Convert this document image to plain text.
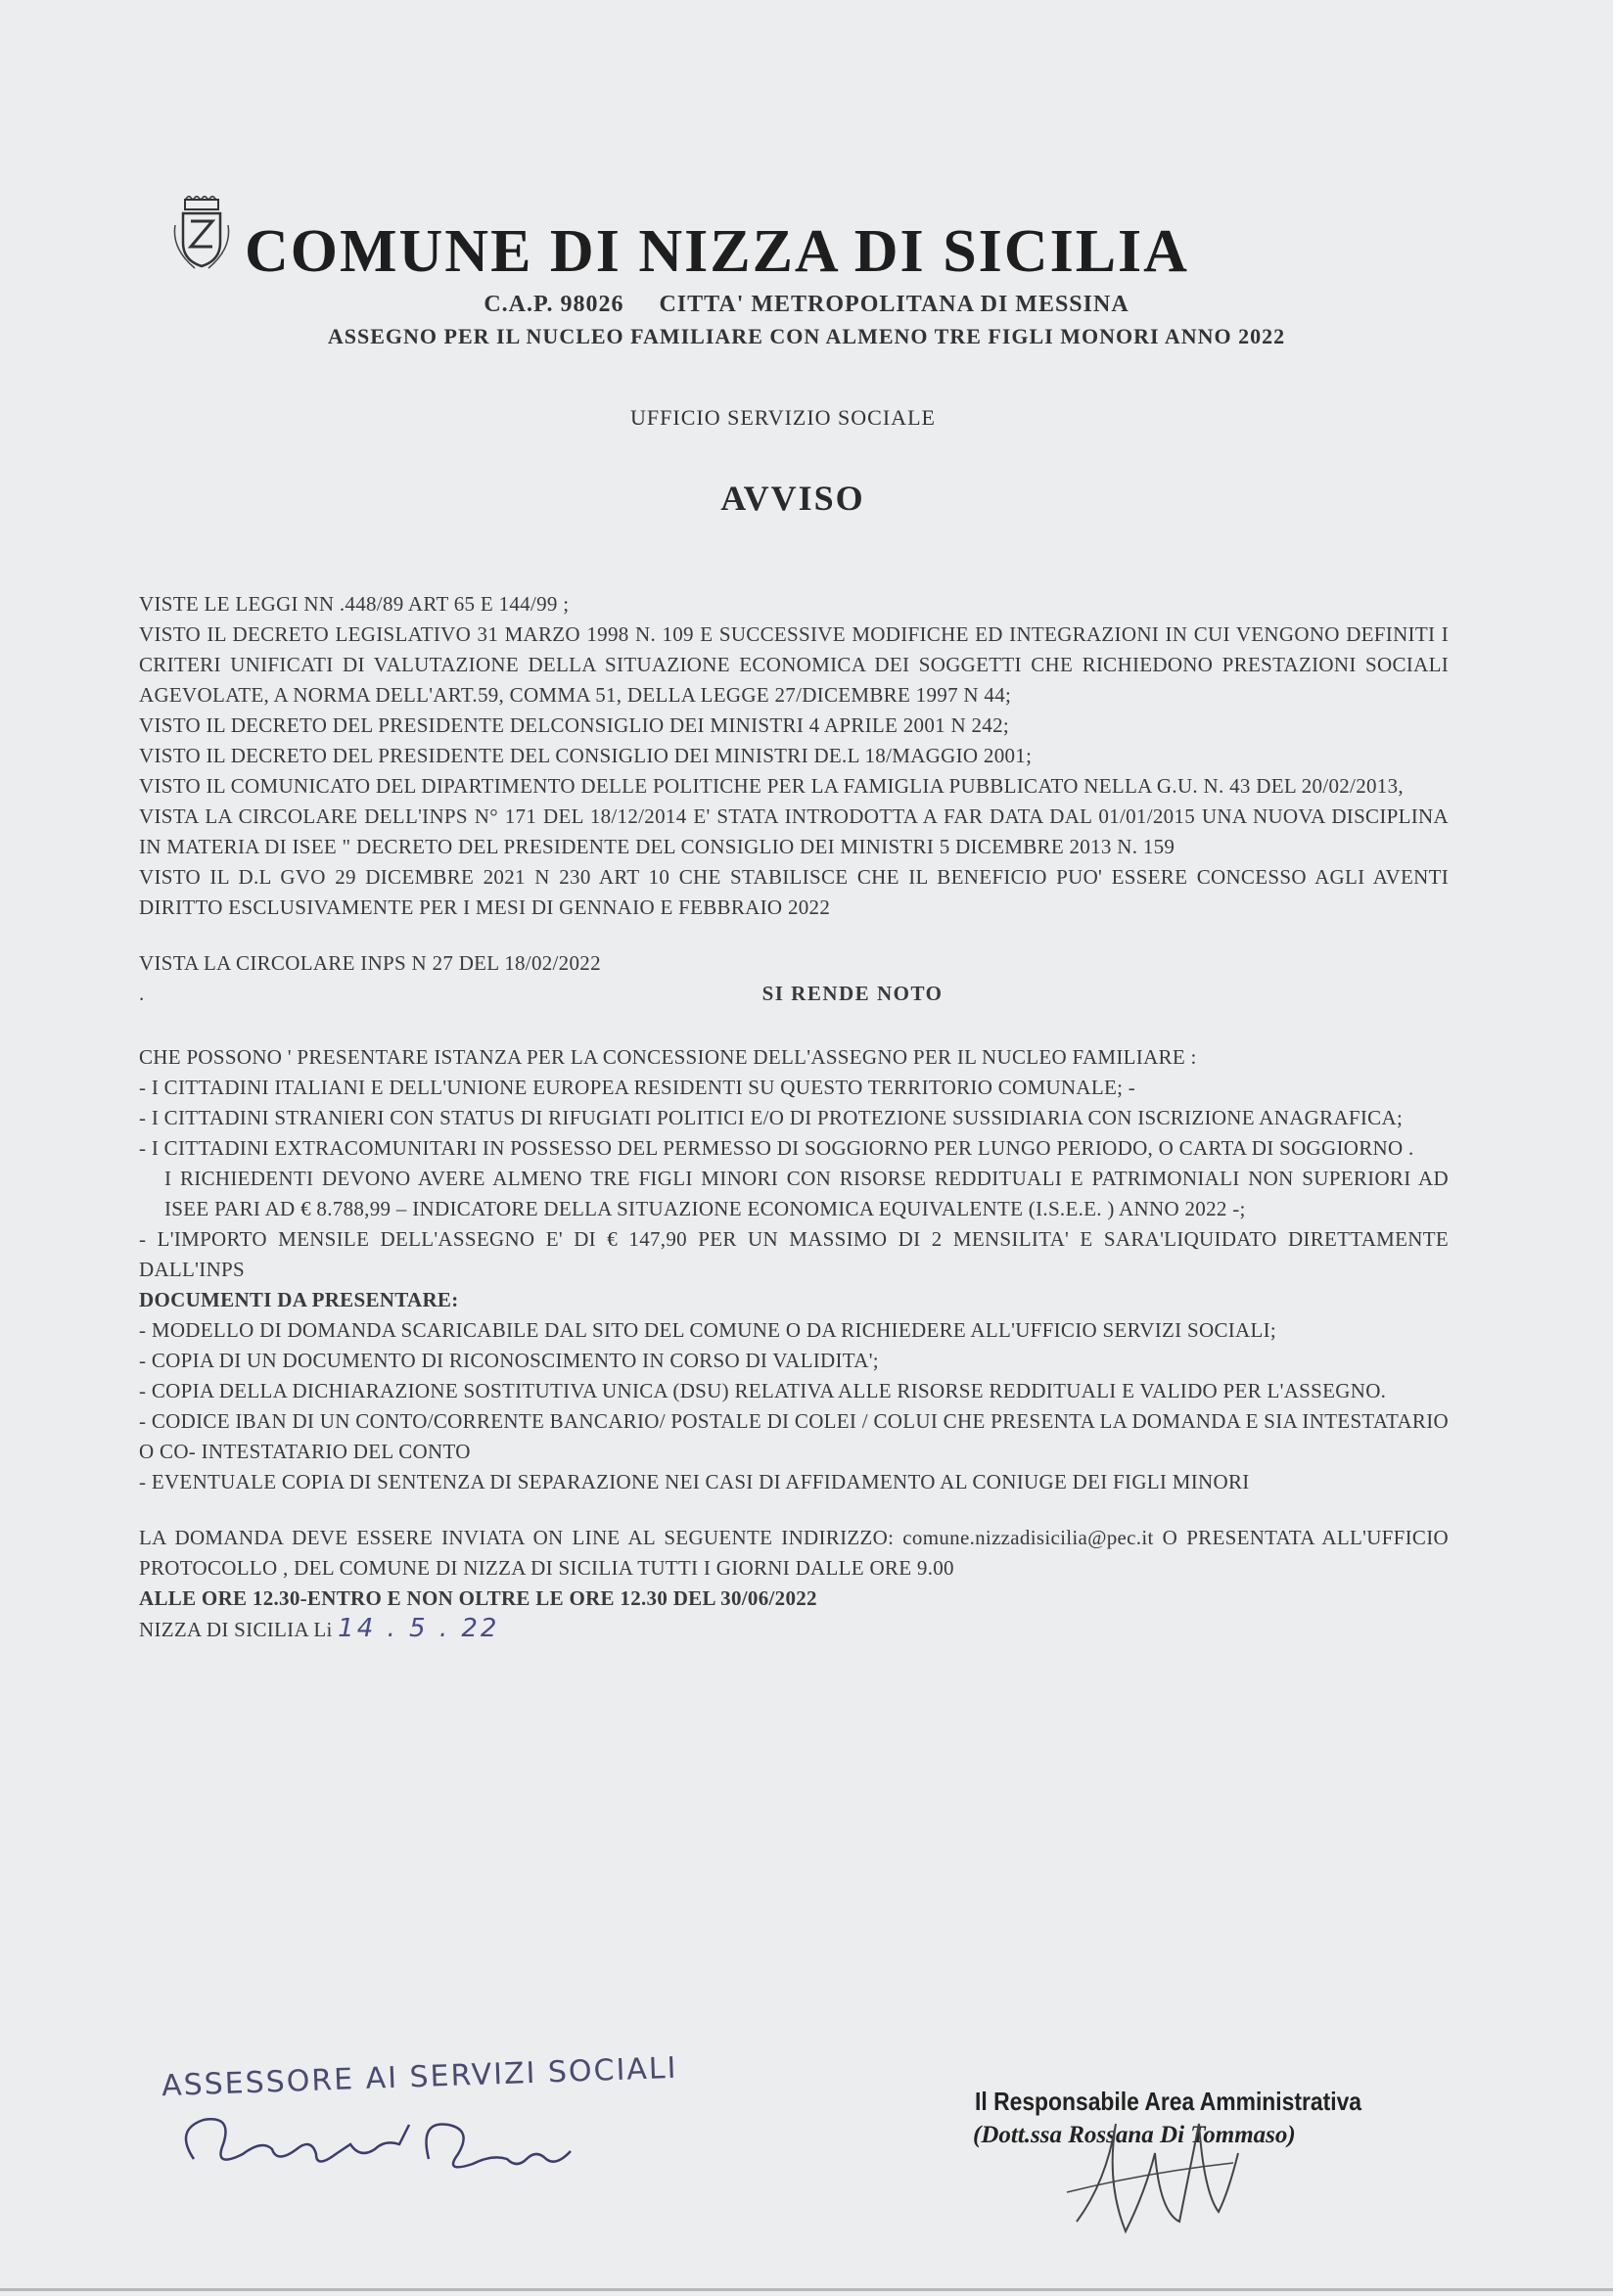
COMUNE DI NIZZA DI SICILIA
C.A.P. 98026 CITTA' METROPOLITANA DI MESSINA
ASSEGNO PER IL NUCLEO FAMILIARE CON ALMENO TRE FIGLI MONORI ANNO 2022
UFFICIO SERVIZIO SOCIALE
AVVISO

VISTE LE LEGGI NN .448/89 ART 65 E 144/99 ;

VISTO IL DECRETO LEGISLATIVO 31 MARZO 1998 N. 109 E SUCCESSIVE MODIFICHE ED INTEGRAZIONI IN CUI VENGONO DEFINITI I CRITERI UNIFICATI DI VALUTAZIONE DELLA SITUAZIONE ECONOMICA DEI SOGGETTI CHE RICHIEDONO PRESTAZIONI SOCIALI AGEVOLATE, A NORMA DELL'ART.59, COMMA 51, DELLA LEGGE 27/DICEMBRE 1997 N 44;

VISTO IL DECRETO DEL PRESIDENTE DELCONSIGLIO DEI MINISTRI 4 APRILE 2001 N 242;

VISTO IL DECRETO DEL PRESIDENTE DEL CONSIGLIO DEI MINISTRI DE.L 18/MAGGIO 2001;

VISTO IL COMUNICATO DEL DIPARTIMENTO DELLE POLITICHE PER LA FAMIGLIA PUBBLICATO NELLA G.U. N. 43 DEL 20/02/2013,

VISTA LA CIRCOLARE DELL'INPS N° 171 DEL 18/12/2014 E' STATA INTRODOTTA A FAR DATA DAL 01/01/2015 UNA NUOVA DISCIPLINA IN MATERIA DI ISEE " DECRETO DEL PRESIDENTE DEL CONSIGLIO DEI MINISTRI 5 DICEMBRE 2013 N. 159

VISTO IL D.L GVO 29 DICEMBRE 2021 N 230 ART 10 CHE STABILISCE CHE IL BENEFICIO PUO' ESSERE CONCESSO AGLI AVENTI DIRITTO ESCLUSIVAMENTE PER I MESI DI GENNAIO E FEBBRAIO 2022

VISTA LA CIRCOLARE INPS N 27 DEL 18/02/2022

.	SI RENDE NOTO

CHE POSSONO ' PRESENTARE ISTANZA PER LA CONCESSIONE DELL'ASSEGNO PER IL NUCLEO FAMILIARE :

- I CITTADINI ITALIANI E DELL'UNIONE EUROPEA RESIDENTI SU QUESTO TERRITORIO COMUNALE; -

- I CITTADINI STRANIERI CON STATUS DI RIFUGIATI POLITICI E/O DI PROTEZIONE SUSSIDIARIA CON ISCRIZIONE ANAGRAFICA;

- I CITTADINI EXTRACOMUNITARI IN POSSESSO DEL PERMESSO DI SOGGIORNO PER LUNGO PERIODO, O CARTA DI SOGGIORNO .

I RICHIEDENTI DEVONO AVERE ALMENO TRE FIGLI MINORI CON RISORSE REDDITUALI E PATRIMONIALI NON SUPERIORI AD ISEE PARI AD € 8.788,99 – INDICATORE DELLA SITUAZIONE ECONOMICA EQUIVALENTE (I.S.E.E. ) ANNO 2022 -;

- L'IMPORTO MENSILE DELL'ASSEGNO E' DI € 147,90 PER UN MASSIMO DI 2 MENSILITA' E SARA'LIQUIDATO DIRETTAMENTE DALL'INPS

DOCUMENTI DA PRESENTARE:

- MODELLO DI DOMANDA SCARICABILE DAL SITO DEL COMUNE O DA RICHIEDERE ALL'UFFICIO SERVIZI SOCIALI;

- COPIA DI UN DOCUMENTO DI RICONOSCIMENTO IN CORSO DI VALIDITA';

- COPIA DELLA DICHIARAZIONE SOSTITUTIVA UNICA (DSU) RELATIVA ALLE RISORSE REDDITUALI E VALIDO PER L'ASSEGNO.

- CODICE IBAN DI UN CONTO/CORRENTE BANCARIO/ POSTALE DI COLEI / COLUI CHE PRESENTA LA DOMANDA E SIA INTESTATARIO O CO- INTESTATARIO DEL CONTO

- EVENTUALE COPIA DI SENTENZA DI SEPARAZIONE NEI CASI DI AFFIDAMENTO AL CONIUGE DEI FIGLI MINORI

LA DOMANDA DEVE ESSERE INVIATA ON LINE AL SEGUENTE INDIRIZZO: comune.nizzadisicilia@pec.it O PRESENTATA ALL'UFFICIO PROTOCOLLO , DEL COMUNE DI NIZZA DI SICILIA TUTTI I GIORNI DALLE ORE 9.00

ALLE ORE 12.30-ENTRO E NON OLTRE LE ORE 12.30 DEL 30/06/2022

NIZZA DI SICILIA Li 14 . 5 . 22

ASSESSORE AI SERVIZI SOCIALI	Il Responsabile Area Amministrativa
(Dott.ssa Rossana Di Tommaso)
